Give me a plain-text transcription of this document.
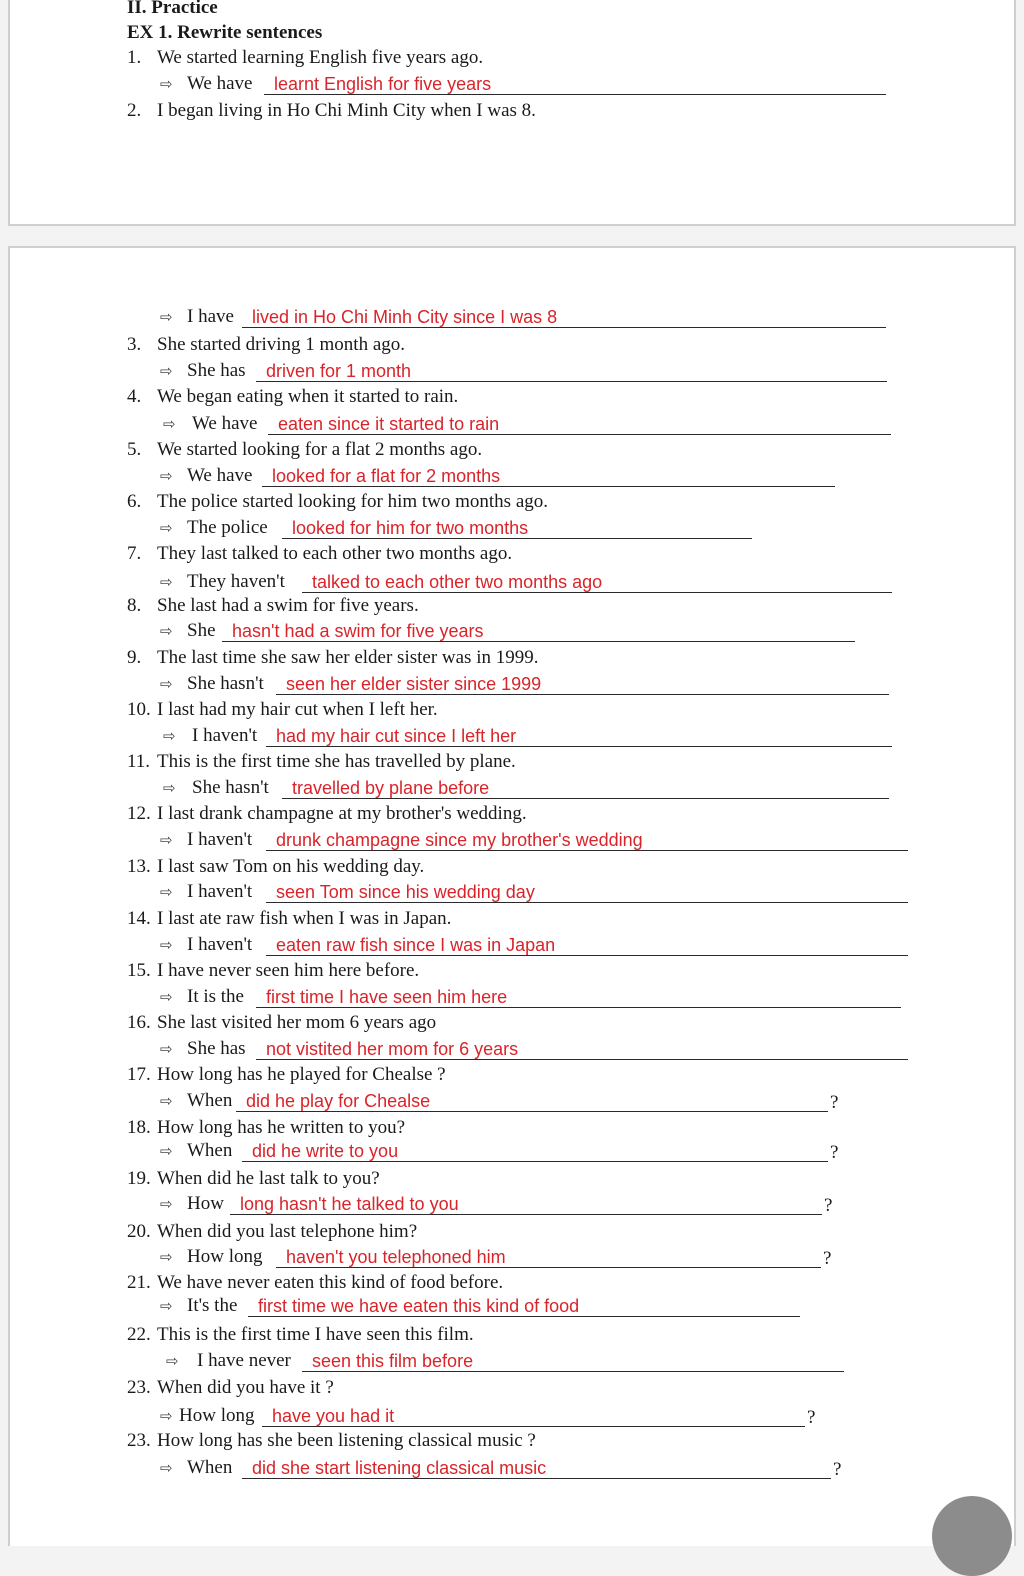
II. Practice
EX 1. Rewrite sentences
1. We started learning English five years ago.
⇨ We have learnt English for five years
2. I began living in Ho Chi Minh City when I was 8.
⇨ I have lived in Ho Chi Minh City since I was 8
3. She started driving 1 month ago.
⇨ She has driven for 1 month
4. We began eating when it started to rain.
⇨ We have eaten since it started to rain
5. We started looking for a flat 2 months ago.
⇨ We have looked for a flat for 2 months
6. The police started looking for him two months ago.
⇨ The police looked for him for two months
7. They last talked to each other two months ago.
⇨ They haven't talked to each other two months ago
8. She last had a swim for five years.
⇨ She hasn't had a swim for five years
9. The last time she saw her elder sister was in 1999.
⇨ She hasn't seen her elder sister since 1999
10. I last had my hair cut when I left her.
⇨ I haven't had my hair cut since I left her
11. This is the first time she has travelled by plane.
⇨ She hasn't travelled by plane before
12. I last drank champagne at my brother's wedding.
⇨ I haven't drunk champagne since my brother's wedding
13. I last saw Tom on his wedding day.
⇨ I haven't seen Tom since his wedding day
14. I last ate raw fish when I was in Japan.
⇨ I haven't eaten raw fish since I was in Japan
15. I have never seen him here before.
⇨ It is the first time I have seen him here
16. She last visited her mom 6 years ago
⇨ She has not vistited her mom for 6 years
17. How long has he played for Chealse ?
⇨ When did he play for Chealse	?
18. How long has he written to you?
⇨ When did he write to you	?
19. When did he last talk to you?
⇨ How long hasn't he talked to you	?
20. When did you last telephone him?
⇨ How long haven't you telephoned him	?
21. We have never eaten this kind of food before.
⇨ It's the first time we have eaten this kind of food
22. This is the first time I have seen this film.
⇨ I have never seen this film before
23. When did you have it ?
⇨ How long have you had it	?
23. How long has she been listening classical music ?
⇨ When did she start listening classical music	?
